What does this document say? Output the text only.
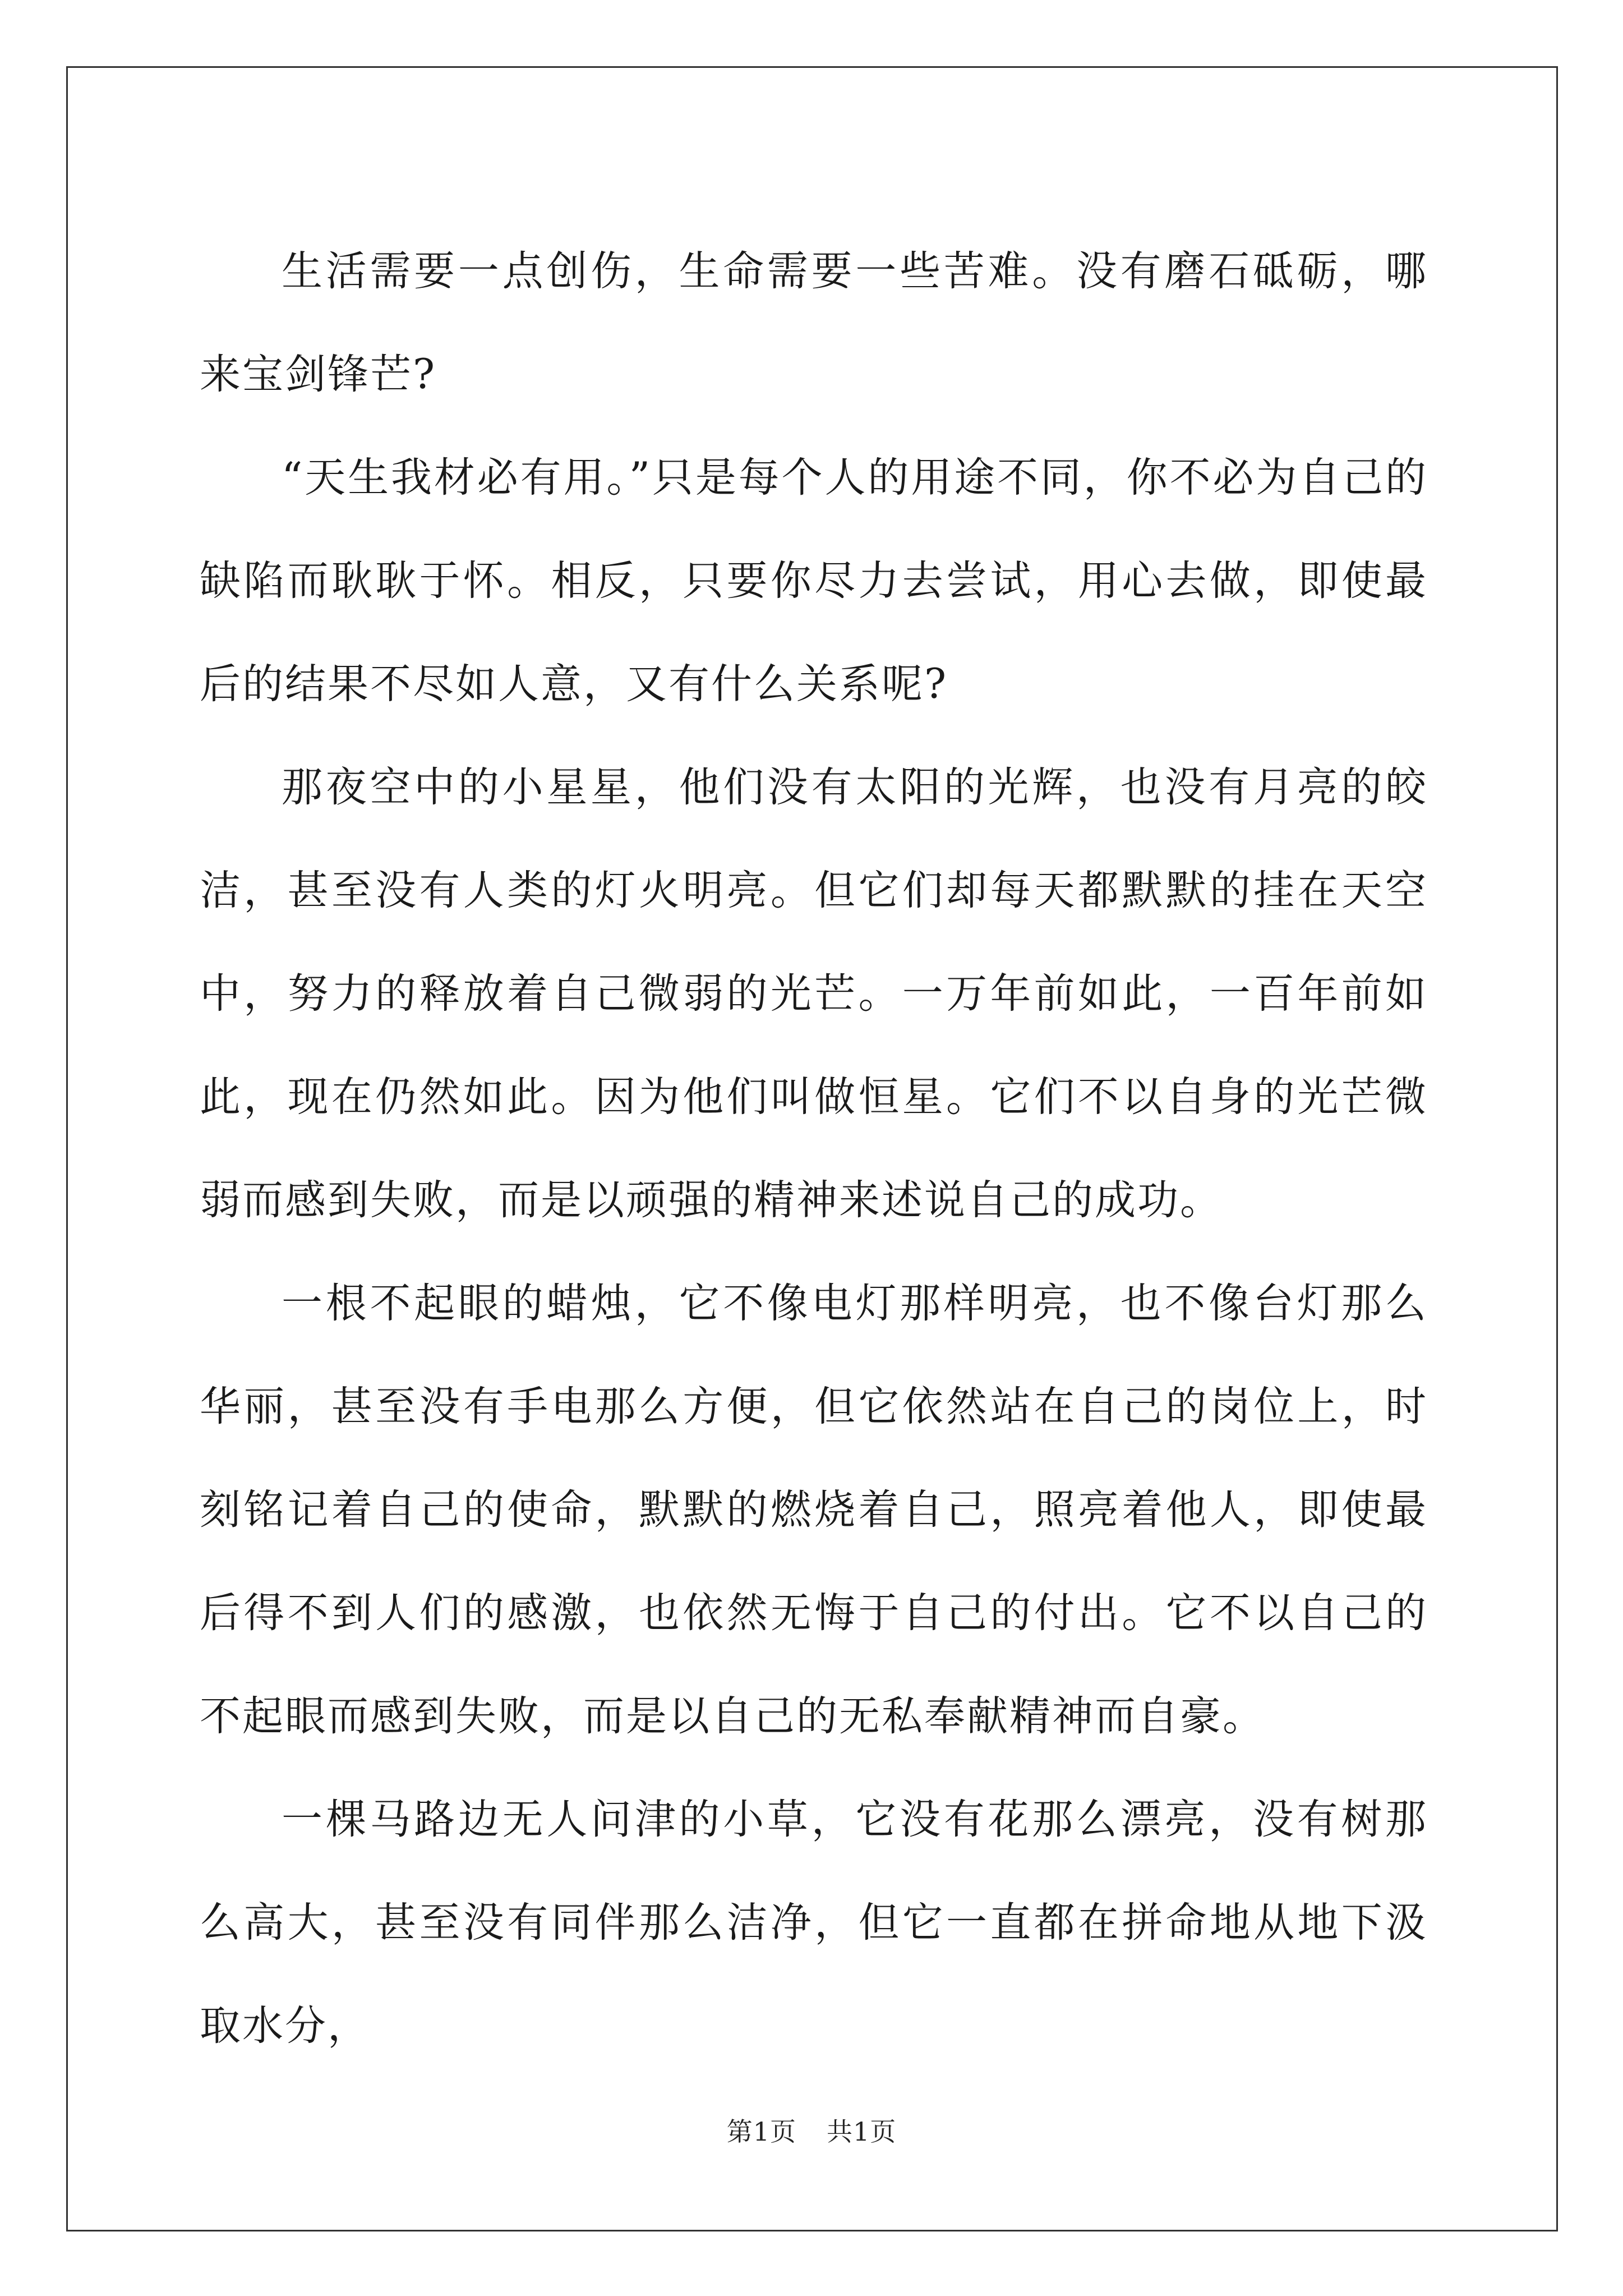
生活需要一点创伤，生命需要一些苦难。没有磨石砥砺，哪来宝剑锋芒?

“天生我材必有用。”只是每个人的用途不同，你不必为自己的缺陷而耿耿于怀。相反，只要你尽力去尝试，用心去做，即使最后的结果不尽如人意，又有什么关系呢?

那夜空中的小星星，他们没有太阳的光辉，也没有月亮的皎洁，甚至没有人类的灯火明亮。但它们却每天都默默的挂在天空中，努力的释放着自己微弱的光芒。一万年前如此，一百年前如此，现在仍然如此。因为他们叫做恒星。它们不以自身的光芒微弱而感到失败，而是以顽强的精神来述说自己的成功。

一根不起眼的蜡烛，它不像电灯那样明亮，也不像台灯那么华丽，甚至没有手电那么方便，但它依然站在自己的岗位上，时刻铭记着自己的使命，默默的燃烧着自己，照亮着他人，即使最后得不到人们的感激，也依然无悔于自己的付出。它不以自己的不起眼而感到失败，而是以自己的无私奉献精神而自豪。

一棵马路边无人问津的小草，它没有花那么漂亮，没有树那么高大，甚至没有同伴那么洁净，但它一直都在拼命地从地下汲取水分，

第1页 共1页
